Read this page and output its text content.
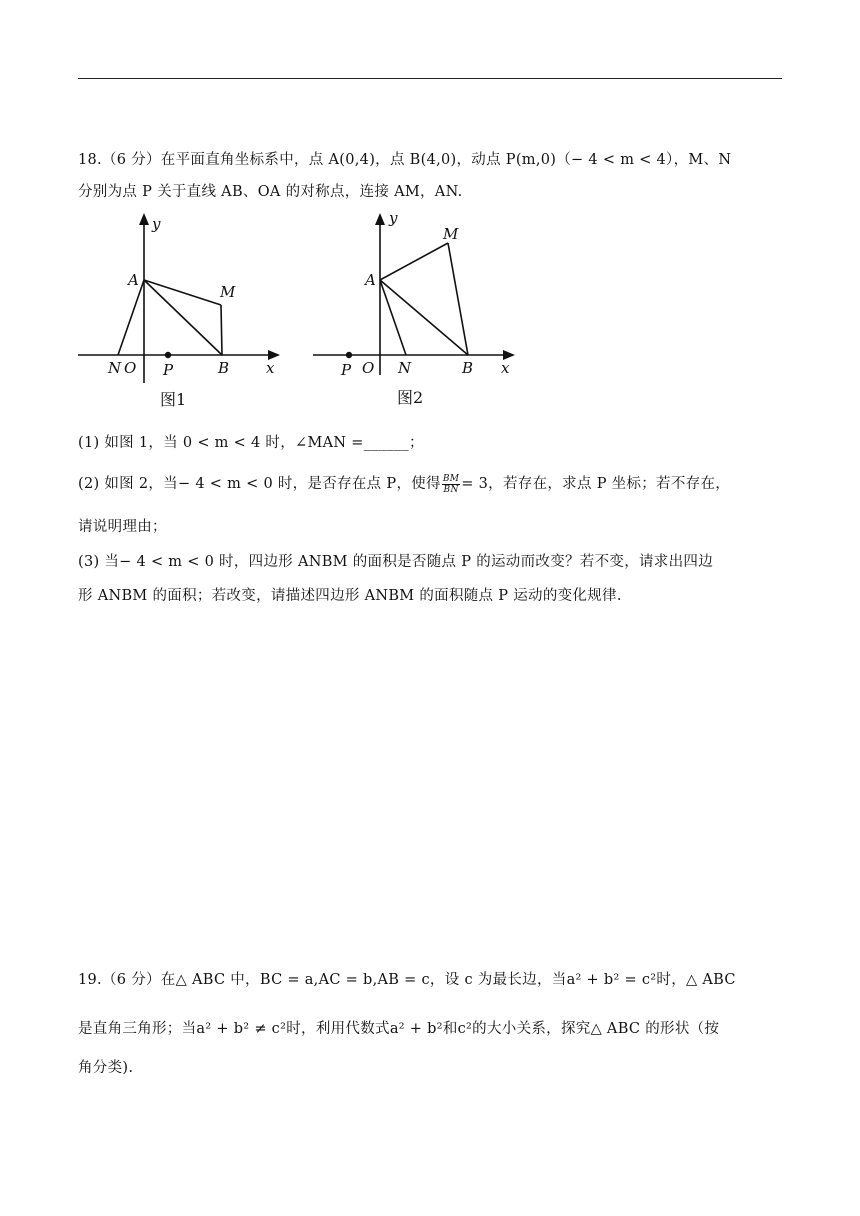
18.（6 分）在平面直角坐标系中，点 A(0,4)，点 B(4,0)，动点 P(m,0)（− 4 < m < 4），M、N
分别为点 P 关于直线 AB、OA 的对称点，连接 AM，AN.
y
A
M
N O P	B x
图1
y
M
A
P O N	B x
图2
(1) 如图 1，当 0 < m < 4 时，∠MAN =______；
(2) 如图 2，当− 4 < m < 0 时，是否存在点 P，使得 $\frac{BM}{BN} = 3$，若存在，求点 P 坐标；若不存在，
请说明理由；
(3) 当− 4 < m < 0 时，四边形 ANBM 的面积是否随点 P 的运动而改变？若不变，请求出四边
形 ANBM 的面积；若改变，请描述四边形 ANBM 的面积随点 P 运动的变化规律.
19.（6 分）在△ ABC 中，BC = a,AC = b,AB = c，设 c 为最长边，当a² + b² = c²时，△ ABC
是直角三角形；当a² + b² ≠ c²时，利用代数式a² + b²和c²的大小关系，探究△ ABC 的形状（按
角分类).
